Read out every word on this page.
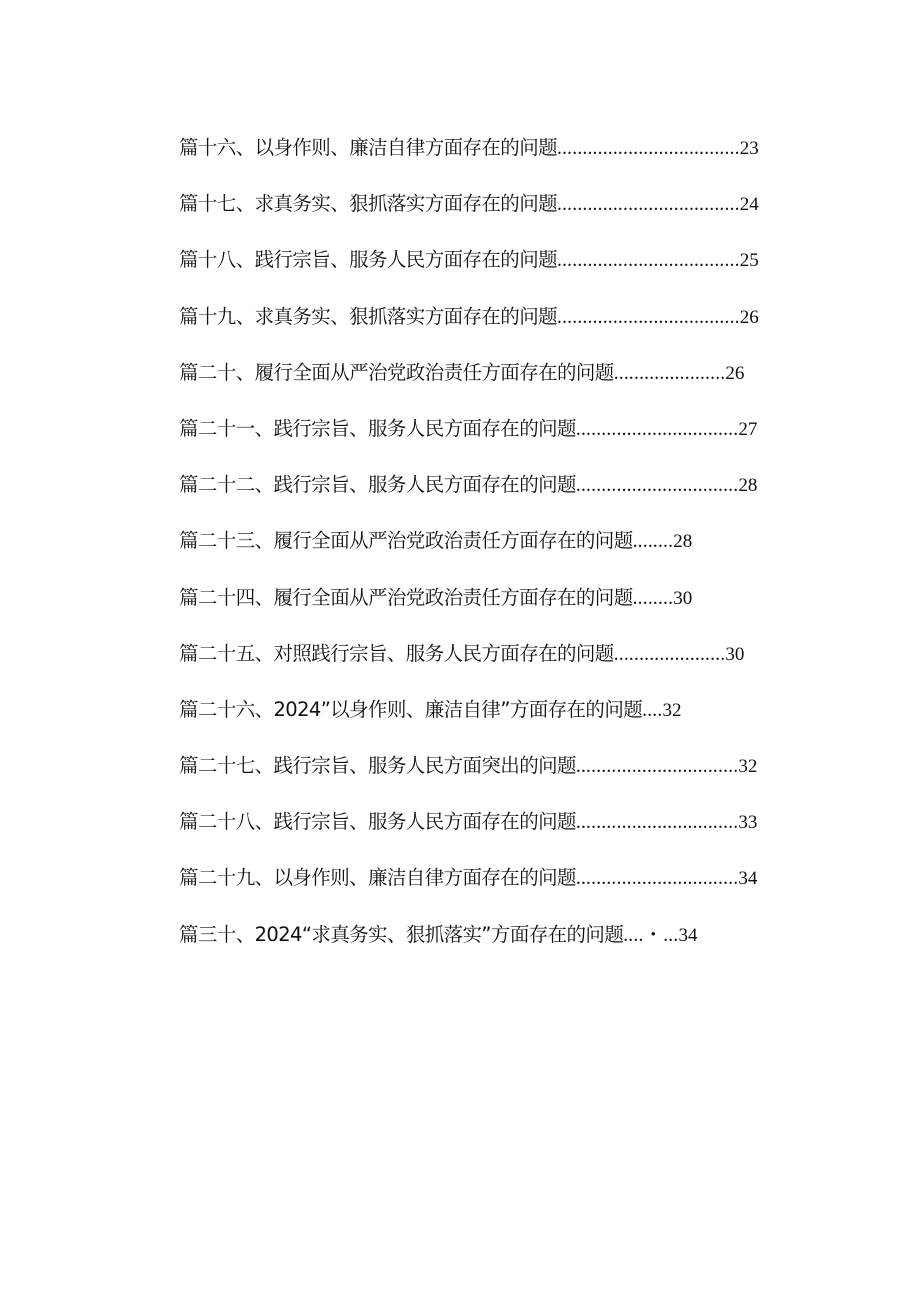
篇十六、以身作则、廉洁自律方面存在的问题 .................................... 23
篇十七、求真务实、狠抓落实方面存在的问题 .................................... 24
篇十八、践行宗旨、服务人民方面存在的问题 .................................... 25
篇十九、求真务实、狠抓落实方面存在的问题 .................................... 26
篇二十、履行全面从严治党政治责任方面存在的问题 ...................... 26
篇二十一、践行宗旨、服务人民方面存在的问题 ................................ 27
篇二十二、践行宗旨、服务人民方面存在的问题 ................................ 28
篇二十三、履行全面从严治党政治责任方面存在的问题 ........ 28
篇二十四、履行全面从严治党政治责任方面存在的问题 ........ 30
篇二十五、对照践行宗旨、服务人民方面存在的问题 ...................... 30
篇二十六、2024”以身作则、廉洁自律”方面存在的问题 .... 32
篇二十七、践行宗旨、服务人民方面突出的问题 ................................ 32
篇二十八、践行宗旨、服务人民方面存在的问题 ................................ 33
篇二十九、以身作则、廉洁自律方面存在的问题 ................................ 34
篇三十、2024“求真务实、狠抓落实”方面存在的问题 ....・... 34
